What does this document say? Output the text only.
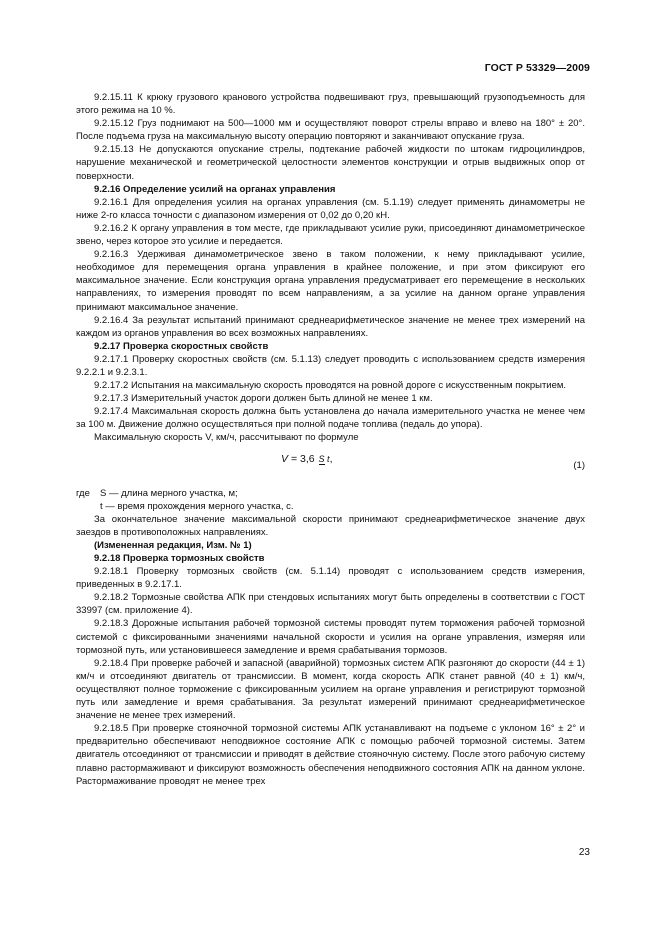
ГОСТ Р 53329—2009

9.2.15.11 К крюку грузового кранового устройства подвешивают груз, превышающий грузоподъемность для этого режима на 10 %.

9.2.15.12 Груз поднимают на 500—1000 мм и осуществляют поворот стрелы вправо и влево на 180° ± 20°. После подъема груза на максимальную высоту операцию повторяют и заканчивают опускание груза.

9.2.15.13 Не допускаются опускание стрелы, подтекание рабочей жидкости по штокам гидроцилиндров, нарушение механической и геометрической целостности элементов конструкции и отрыв выдвижных опор от поверхности.

9.2.16 Определение усилий на органах управления

9.2.16.1 Для определения усилия на органах управления (см. 5.1.19) следует применять динамометры не ниже 2-го класса точности с диапазоном измерения от 0,02 до 0,20 кН.

9.2.16.2 К органу управления в том месте, где прикладывают усилие руки, присоединяют динамометрическое звено, через которое это усилие и передается.

9.2.16.3 Удерживая динамометрическое звено в таком положении, к нему прикладывают усилие, необходимое для перемещения органа управления в крайнее положение, и при этом фиксируют его максимальное значение. Если конструкция органа управления предусматривает его перемещение в нескольких направлениях, то измерения проводят по всем направлениям, а за усилие на данном органе управления принимают максимальное значение.

9.2.16.4 За результат испытаний принимают среднеарифметическое значение не менее трех измерений на каждом из органов управления во всех возможных направлениях.

9.2.17 Проверка скоростных свойств

9.2.17.1 Проверку скоростных свойств (см. 5.1.13) следует проводить с использованием средств измерения 9.2.2.1 и 9.2.3.1.

9.2.17.2 Испытания на максимальную скорость проводятся на ровной дороге с искусственным покрытием.

9.2.17.3 Измерительный участок дороги должен быть длиной не менее 1 км.

9.2.17.4 Максимальная скорость должна быть установлена до начала измерительного участка не менее чем за 100 м. Движение должно осуществляться при полной подаче топлива (педаль до упора).

Максимальную скорость V, км/ч, рассчитывают по формуле

V = 3,6 S t,
(1)
где	S — длина мерного участка, м;

t — время прохождения мерного участка, с.

За окончательное значение максимальной скорости принимают среднеарифметическое значение двух заездов в противоположных направлениях.

(Измененная редакция, Изм. № 1)

9.2.18 Проверка тормозных свойств

9.2.18.1 Проверку тормозных свойств (см. 5.1.14) проводят с использованием средств измерения, приведенных в 9.2.17.1.

9.2.18.2 Тормозные свойства АПК при стендовых испытаниях могут быть определены в соответствии с ГОСТ 33997 (см. приложение 4).

9.2.18.3 Дорожные испытания рабочей тормозной системы проводят путем торможения рабочей тормозной системой с фиксированными значениями начальной скорости и усилия на органе управления, измеряя или тормозной путь, или установившееся замедление и время срабатывания тормозов.

9.2.18.4 При проверке рабочей и запасной (аварийной) тормозных систем АПК разгоняют до скорости (44 ± 1) км/ч и отсоединяют двигатель от трансмиссии. В момент, когда скорость АПК станет равной (40 ± 1) км/ч, осуществляют полное торможение с фиксированным усилием на органе управления и регистрируют тормозной путь или замедление и время срабатывания. За результат измерений принимают среднеарифметическое значение не менее трех измерений.

9.2.18.5 При проверке стояночной тормозной системы АПК устанавливают на подъеме с уклоном 16° ± 2° и предварительно обеспечивают неподвижное состояние АПК с помощью рабочей тормозной системы. Затем двигатель отсоединяют от трансмиссии и приводят в действие стояночную систему. После этого рабочую систему плавно растормаживают и фиксируют возможность обеспечения неподвижного состояния АПК на данном уклоне. Растормаживание проводят не менее трех

23
